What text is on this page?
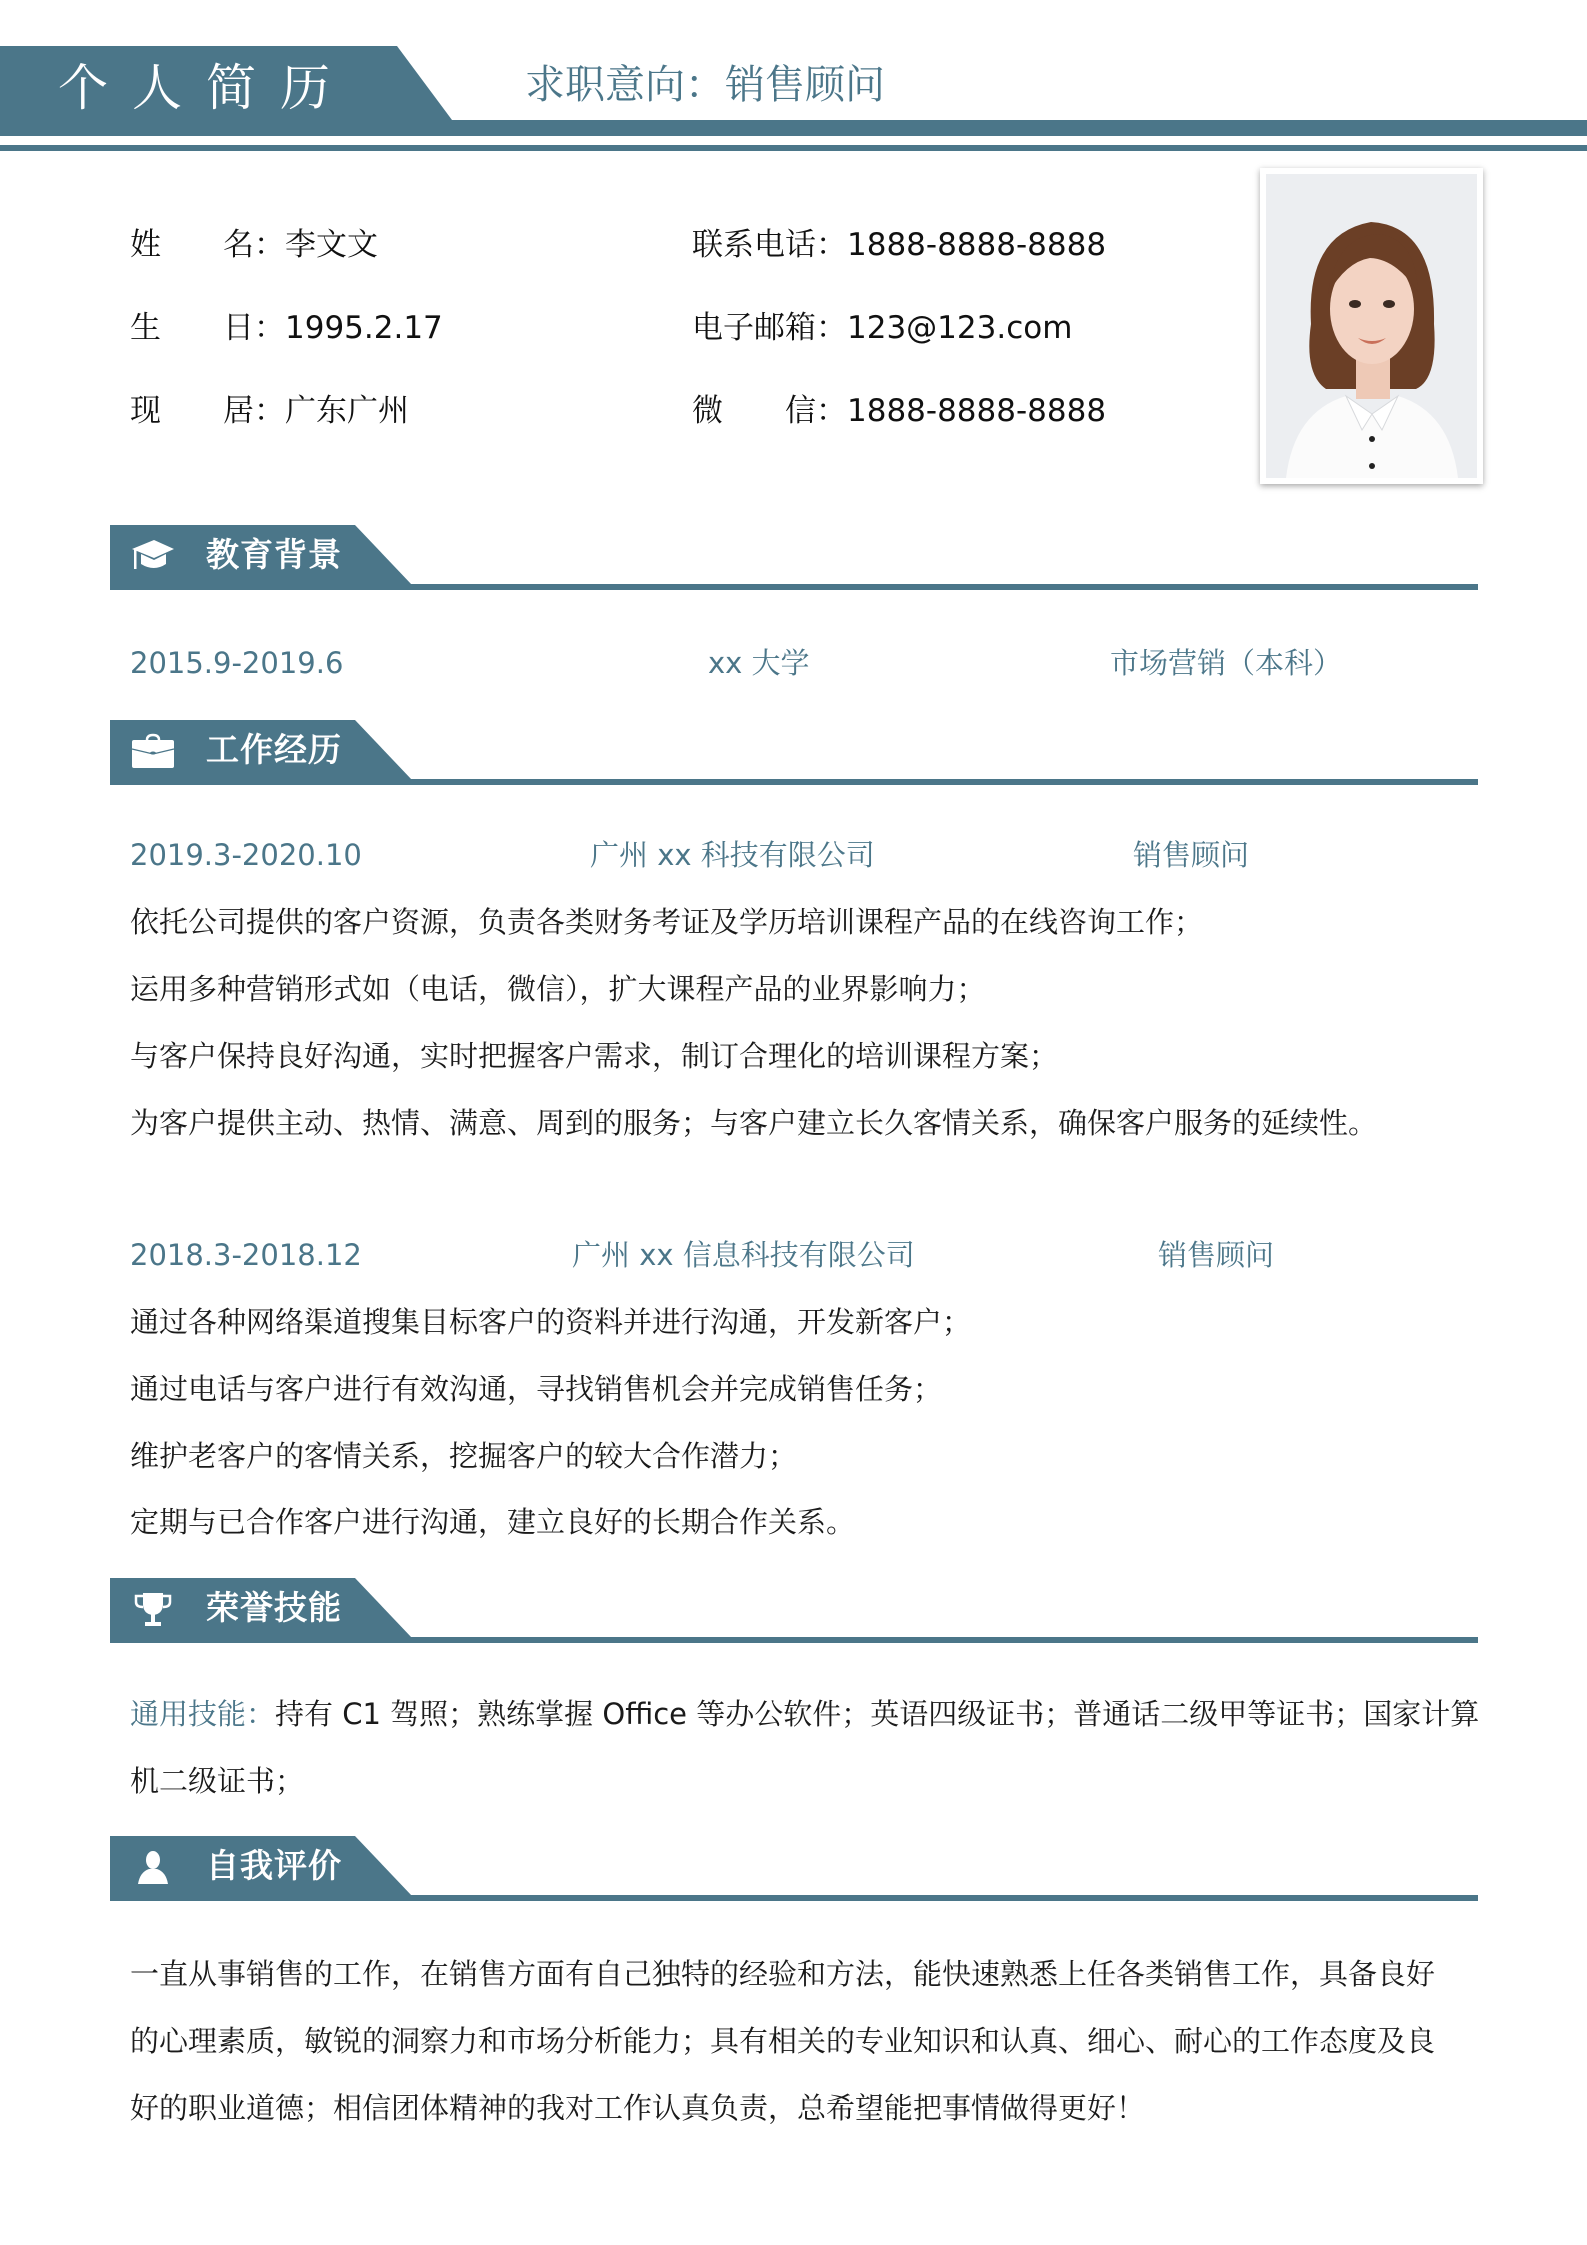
个人简历	求职意向：销售顾问
姓　　名：李文文
生　　日：1995.2.17
现　　居：广东广州
联系电话：1888-8888-8888
电子邮箱：123@123.com
微　　信：1888-8888-8888
教育背景
2015.9-2019.6	xx 大学	市场营销（本科）
工作经历
2019.3-2020.10	广州 xx 科技有限公司	销售顾问
依托公司提供的客户资源，负责各类财务考证及学历培训课程产品的在线咨询工作；
运用多种营销形式如（电话，微信），扩大课程产品的业界影响力；
与客户保持良好沟通，实时把握客户需求，制订合理化的培训课程方案；
为客户提供主动、热情、满意、周到的服务；与客户建立长久客情关系，确保客户服务的延续性。
2018.3-2018.12	广州 xx 信息科技有限公司	销售顾问
通过各种网络渠道搜集目标客户的资料并进行沟通，开发新客户；
通过电话与客户进行有效沟通，寻找销售机会并完成销售任务；
维护老客户的客情关系，挖掘客户的较大合作潜力；
定期与已合作客户进行沟通，建立良好的长期合作关系。
荣誉技能
通用技能：持有 C1 驾照；熟练掌握 Office 等办公软件；英语四级证书；普通话二级甲等证书；国家计算
机二级证书；
自我评价
一直从事销售的工作，在销售方面有自己独特的经验和方法，能快速熟悉上任各类销售工作，具备良好
的心理素质，敏锐的洞察力和市场分析能力；具有相关的专业知识和认真、细心、耐心的工作态度及良
好的职业道德；相信团体精神的我对工作认真负责，总希望能把事情做得更好！
